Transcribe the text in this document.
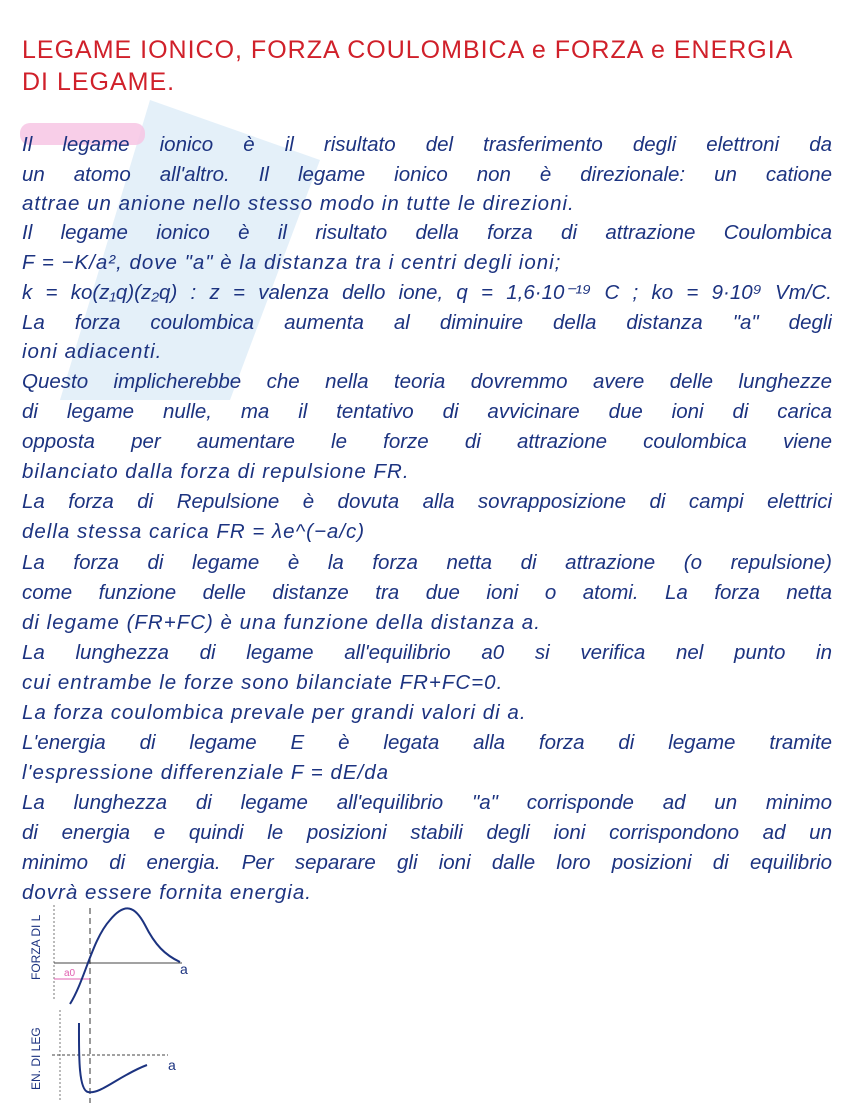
LEGAME IONICO, FORZA COULOMBICA e FORZA e ENERGIA
DI LEGAME.
Il legame ionico è il risultato del trasferimento degli elettroni da
un atomo all'altro. Il legame ionico non è direzionale: un catione
attrae un anione nello stesso modo in tutte le direzioni.
Il legame ionico è il risultato della forza di attrazione Coulombica
F = −K/a², dove "a" è la distanza tra i centri degli ioni;
k = ko(z₁q)(z₂q) : z = valenza dello ione, q = 1,6·10⁻¹⁹ C ; ko = 9·10⁹ Vm/C.
La forza coulombica aumenta al diminuire della distanza "a" degli
ioni adiacenti.
Questo implicherebbe che nella teoria dovremmo avere delle lunghezze
di legame nulle, ma il tentativo di avvicinare due ioni di carica
opposta per aumentare le forze di attrazione coulombica viene
bilanciato dalla forza di repulsione FR.
La forza di Repulsione è dovuta alla sovrapposizione di campi elettrici
della stessa carica FR = λe^(−a/c)
La forza di legame è la forza netta di attrazione (o repulsione)
come funzione delle distanze tra due ioni o atomi. La forza netta
di legame (FR+FC) è una funzione della distanza a.
La lunghezza di legame all'equilibrio a0 si verifica nel punto in
cui entrambe le forze sono bilanciate FR+FC=0.
La forza coulombica prevale per grandi valori di a.
L'energia di legame E è legata alla forza di legame tramite
l'espressione differenziale F = dE/da
La lunghezza di legame all'equilibrio "a" corrisponde ad un minimo
di energia e quindi le posizioni stabili degli ioni corrispondono ad un
minimo di energia. Per separare gli ioni dalle loro posizioni di equilibrio
dovrà essere fornita energia.
FORZA DI L
EN. DI LEG
a
a
a0
